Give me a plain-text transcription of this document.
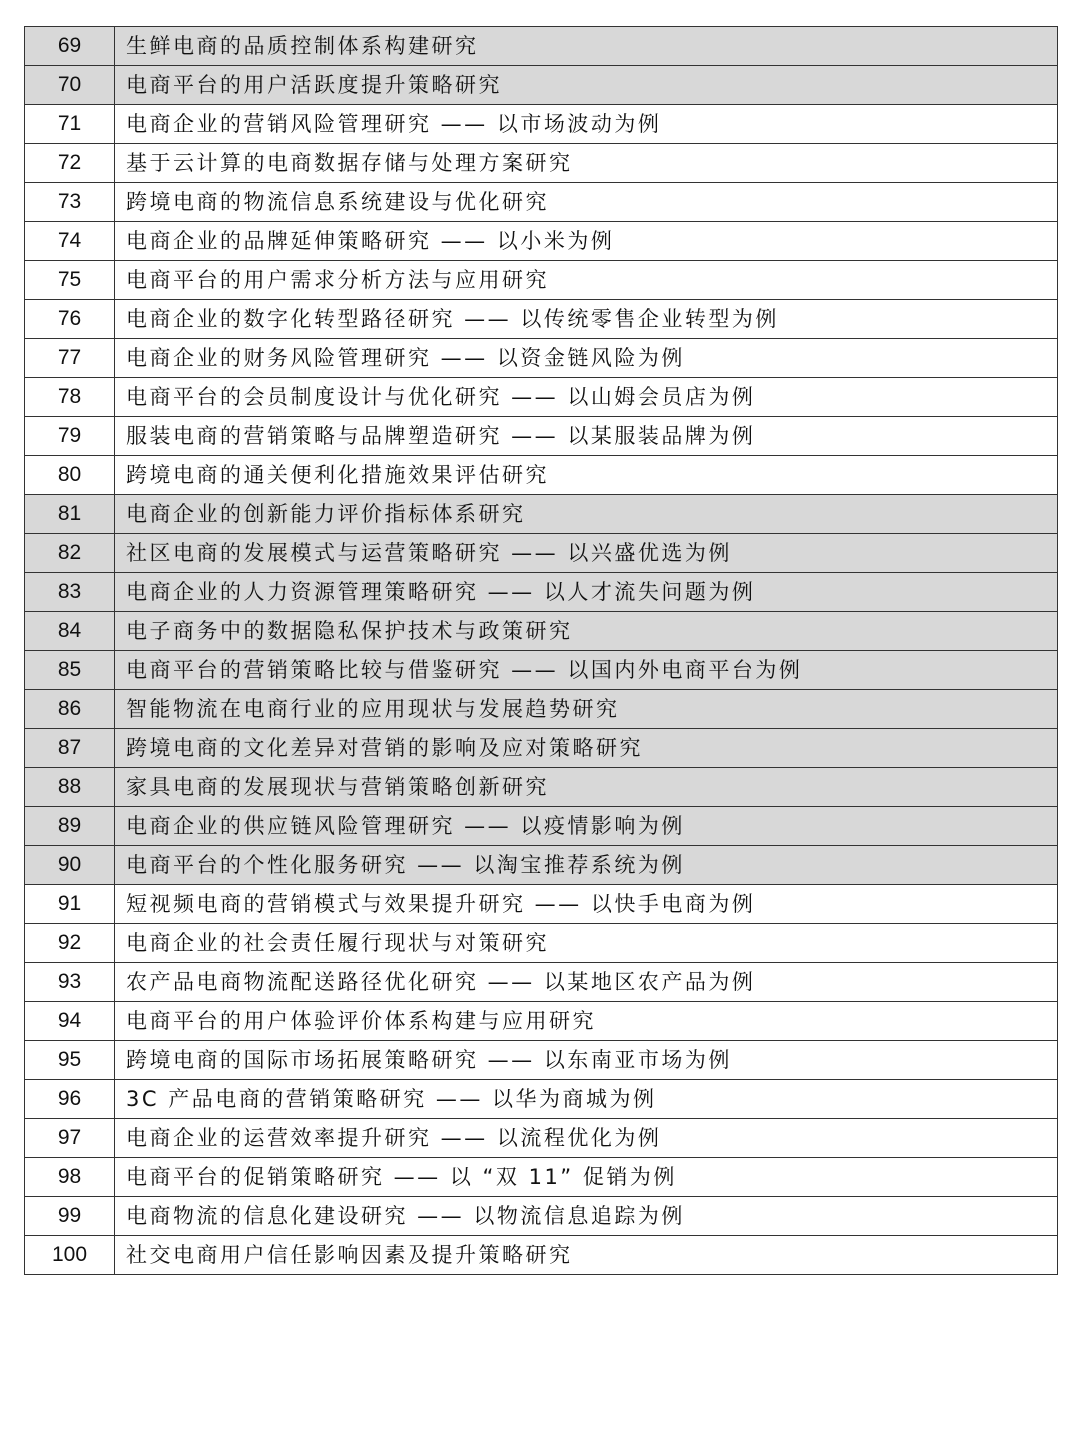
69	生鲜电商的品质控制体系构建研究
70	电商平台的用户活跃度提升策略研究
71	电商企业的营销风险管理研究 —— 以市场波动为例
72	基于云计算的电商数据存储与处理方案研究
73	跨境电商的物流信息系统建设与优化研究
74	电商企业的品牌延伸策略研究 —— 以小米为例
75	电商平台的用户需求分析方法与应用研究
76	电商企业的数字化转型路径研究 —— 以传统零售企业转型为例
77	电商企业的财务风险管理研究 —— 以资金链风险为例
78	电商平台的会员制度设计与优化研究 —— 以山姆会员店为例
79	服装电商的营销策略与品牌塑造研究 —— 以某服装品牌为例
80	跨境电商的通关便利化措施效果评估研究
81	电商企业的创新能力评价指标体系研究
82	社区电商的发展模式与运营策略研究 —— 以兴盛优选为例
83	电商企业的人力资源管理策略研究 —— 以人才流失问题为例
84	电子商务中的数据隐私保护技术与政策研究
85	电商平台的营销策略比较与借鉴研究 —— 以国内外电商平台为例
86	智能物流在电商行业的应用现状与发展趋势研究
87	跨境电商的文化差异对营销的影响及应对策略研究
88	家具电商的发展现状与营销策略创新研究
89	电商企业的供应链风险管理研究 —— 以疫情影响为例
90	电商平台的个性化服务研究 —— 以淘宝推荐系统为例
91	短视频电商的营销模式与效果提升研究 —— 以快手电商为例
92	电商企业的社会责任履行现状与对策研究
93	农产品电商物流配送路径优化研究 —— 以某地区农产品为例
94	电商平台的用户体验评价体系构建与应用研究
95	跨境电商的国际市场拓展策略研究 —— 以东南亚市场为例
96	3C 产品电商的营销策略研究 —— 以华为商城为例
97	电商企业的运营效率提升研究 —— 以流程优化为例
98	电商平台的促销策略研究 —— 以 “双 11” 促销为例
99	电商物流的信息化建设研究 —— 以物流信息追踪为例
100	社交电商用户信任影响因素及提升策略研究
